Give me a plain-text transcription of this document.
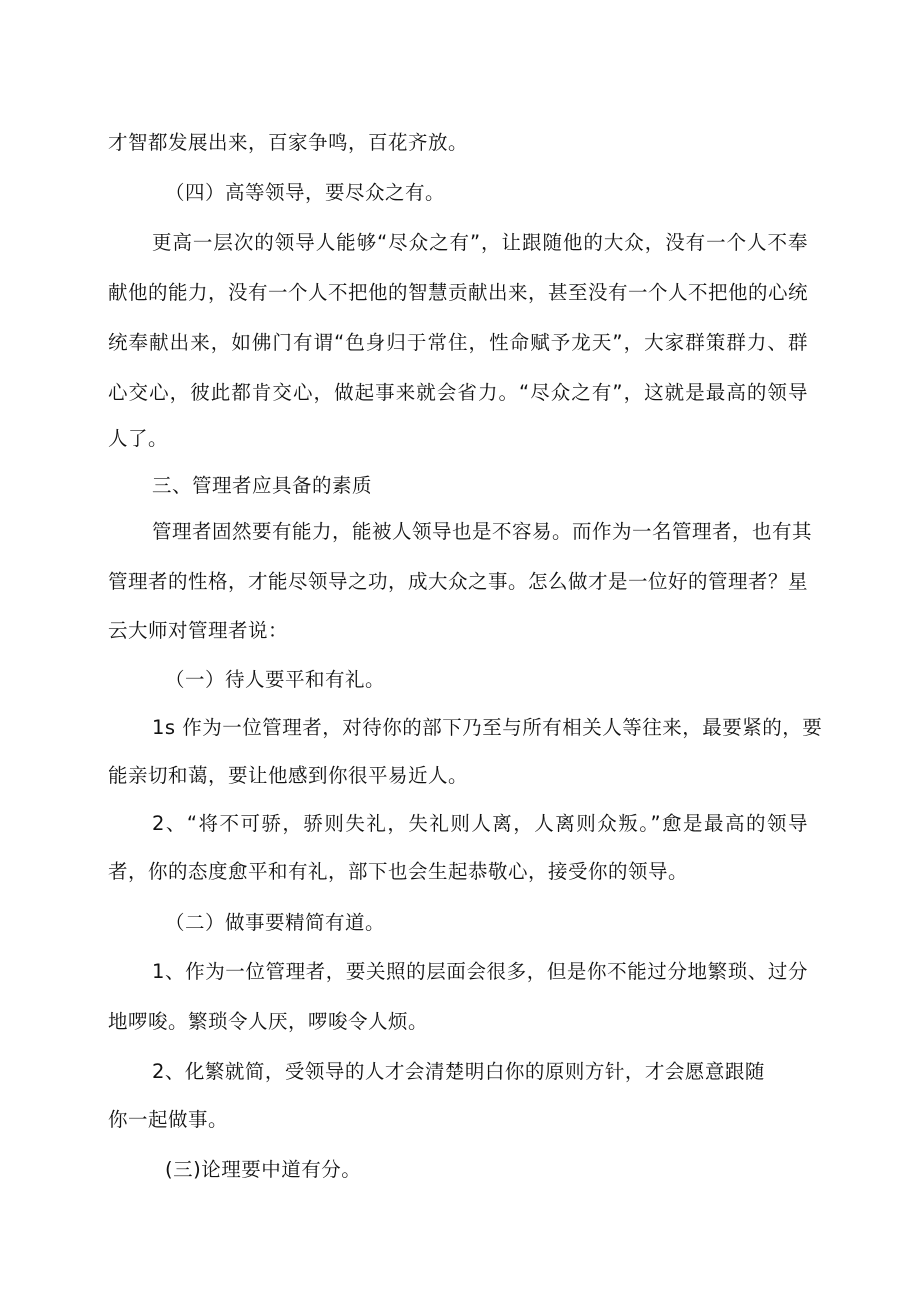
才智都发展出来，百家争鸣，百花齐放。
（四）高等领导，要尽众之有。
更高一层次的领导人能够“尽众之有”，让跟随他的大众，没有一个人不奉
献他的能力，没有一个人不把他的智慧贡献出来，甚至没有一个人不把他的心统
统奉献出来，如佛门有谓“色身归于常住，性命赋予龙天”，大家群策群力、群
心交心，彼此都肯交心，做起事来就会省力。“尽众之有”，这就是最高的领导
人了。
三、管理者应具备的素质
管理者固然要有能力，能被人领导也是不容易。而作为一名管理者，也有其
管理者的性格，才能尽领导之功，成大众之事。怎么做才是一位好的管理者？星
云大师对管理者说：
（一）待人要平和有礼。
1s 作为一位管理者，对待你的部下乃至与所有相关人等往来，最要紧的，要
能亲切和蔼，要让他感到你很平易近人。
2、“将不可骄，骄则失礼，失礼则人离，人离则众叛。”愈是最高的领导
者，你的态度愈平和有礼，部下也会生起恭敬心，接受你的领导。
（二）做事要精简有道。
1、作为一位管理者，要关照的层面会很多，但是你不能过分地繁琐、过分
地啰唆。繁琐令人厌，啰唆令人烦。
2、化繁就简，受领导的人才会清楚明白你的原则方针，才会愿意跟随
你一起做事。
(三)论理要中道有分。
